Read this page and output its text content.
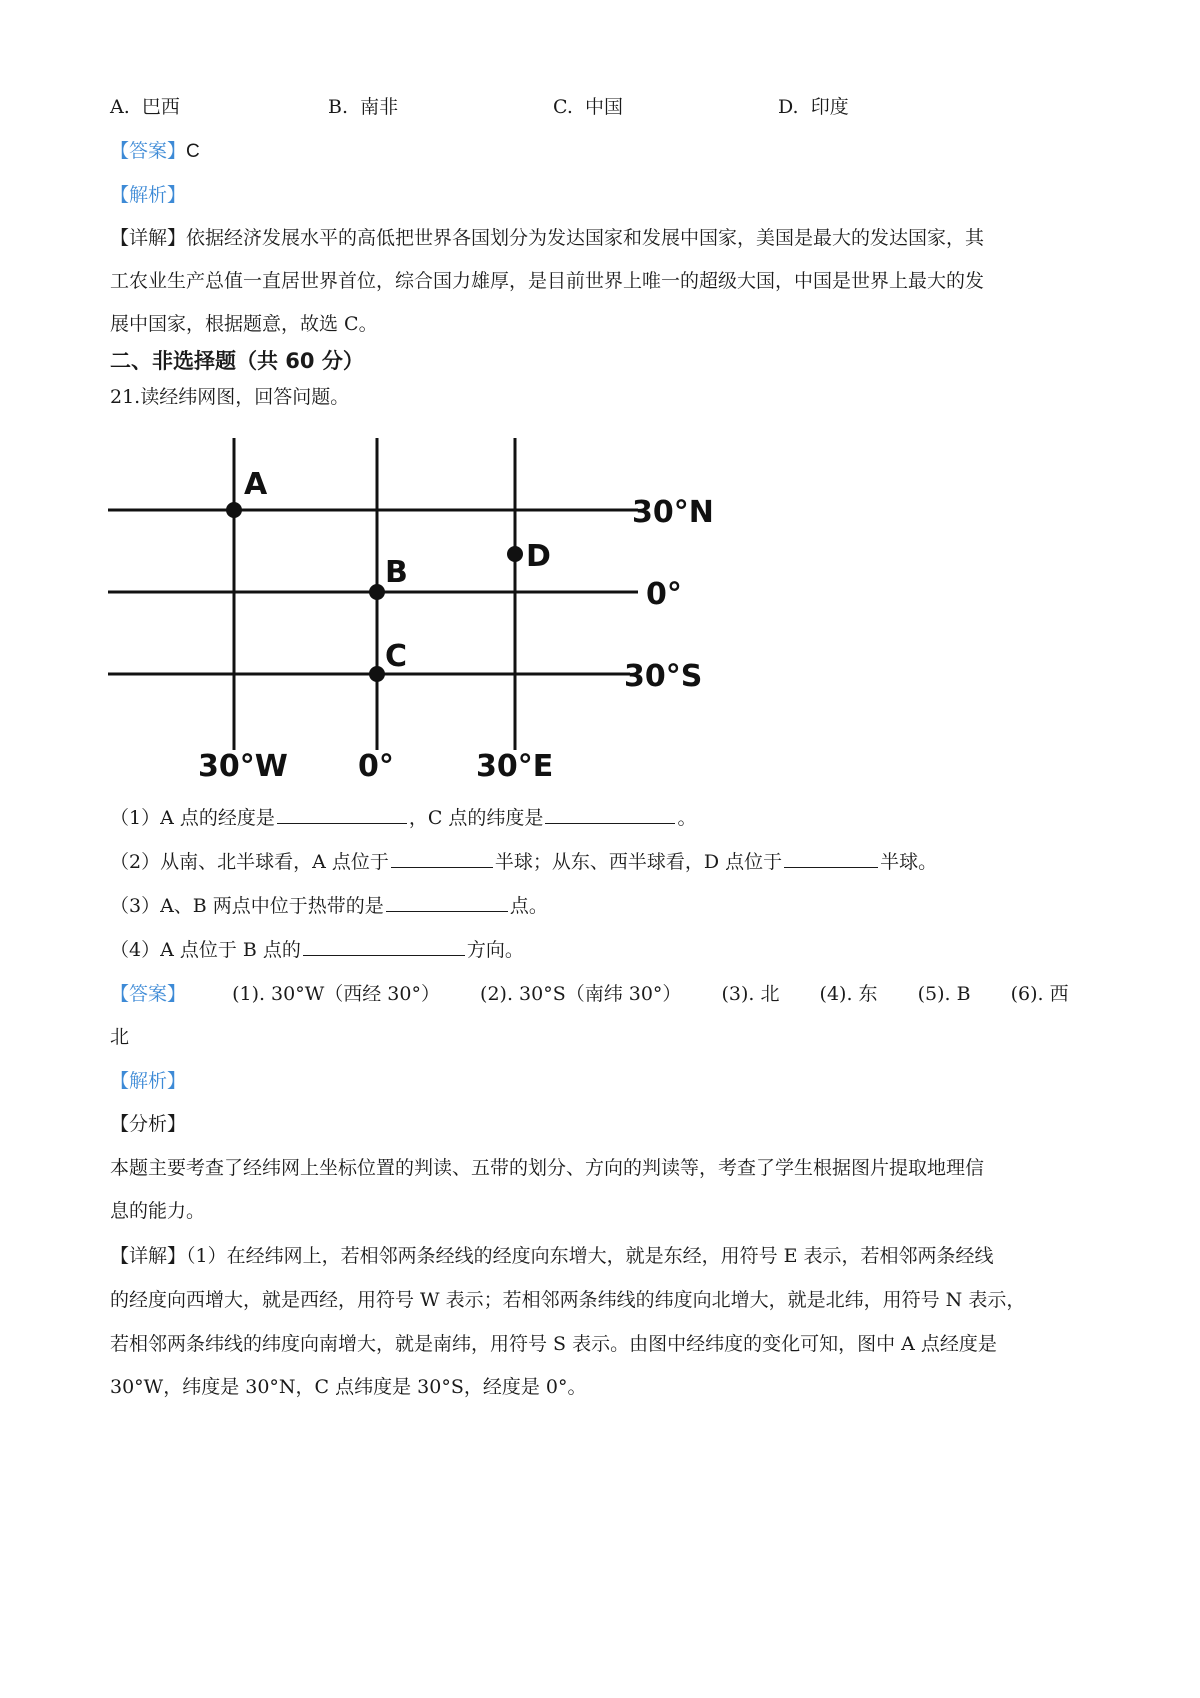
A. 巴西	B. 南非	C. 中国	D. 印度
【答案】C
【解析】
【详解】依据经济发展水平的高低把世界各国划分为发达国家和发展中国家，美国是最大的发达国家，其
工农业生产总值一直居世界首位，综合国力雄厚，是目前世界上唯一的超级大国，中国是世界上最大的发
展中国家，根据题意，故选 C。
二、非选择题（共 60 分）
21.读经纬网图，回答问题。
A
B
C
D
30°N
0°
30°S
30°W 0°	30°E
（1）A 点的经度是	，C 点的纬度是	。
（2）从南、北半球看，A 点位于	半球；从东、西半球看，D 点位于	半球。
（3）A、B 两点中位于热带的是	点。
（4）A 点位于 B 点的	方向。
【答案】 (1). 30°W（西经 30°） (2). 30°S（南纬 30°） (3). 北 (4). 东 (5). B (6). 西
北
【解析】
【分析】
本题主要考查了经纬网上坐标位置的判读、五带的划分、方向的判读等，考查了学生根据图片提取地理信
息的能力。
【详解】（1）在经纬网上，若相邻两条经线的经度向东增大，就是东经，用符号 E 表示，若相邻两条经线
的经度向西增大，就是西经，用符号 W 表示；若相邻两条纬线的纬度向北增大，就是北纬，用符号 N 表示，
若相邻两条纬线的纬度向南增大，就是南纬，用符号 S 表示。由图中经纬度的变化可知，图中 A 点经度是
30°W，纬度是 30°N，C 点纬度是 30°S，经度是 0°。
